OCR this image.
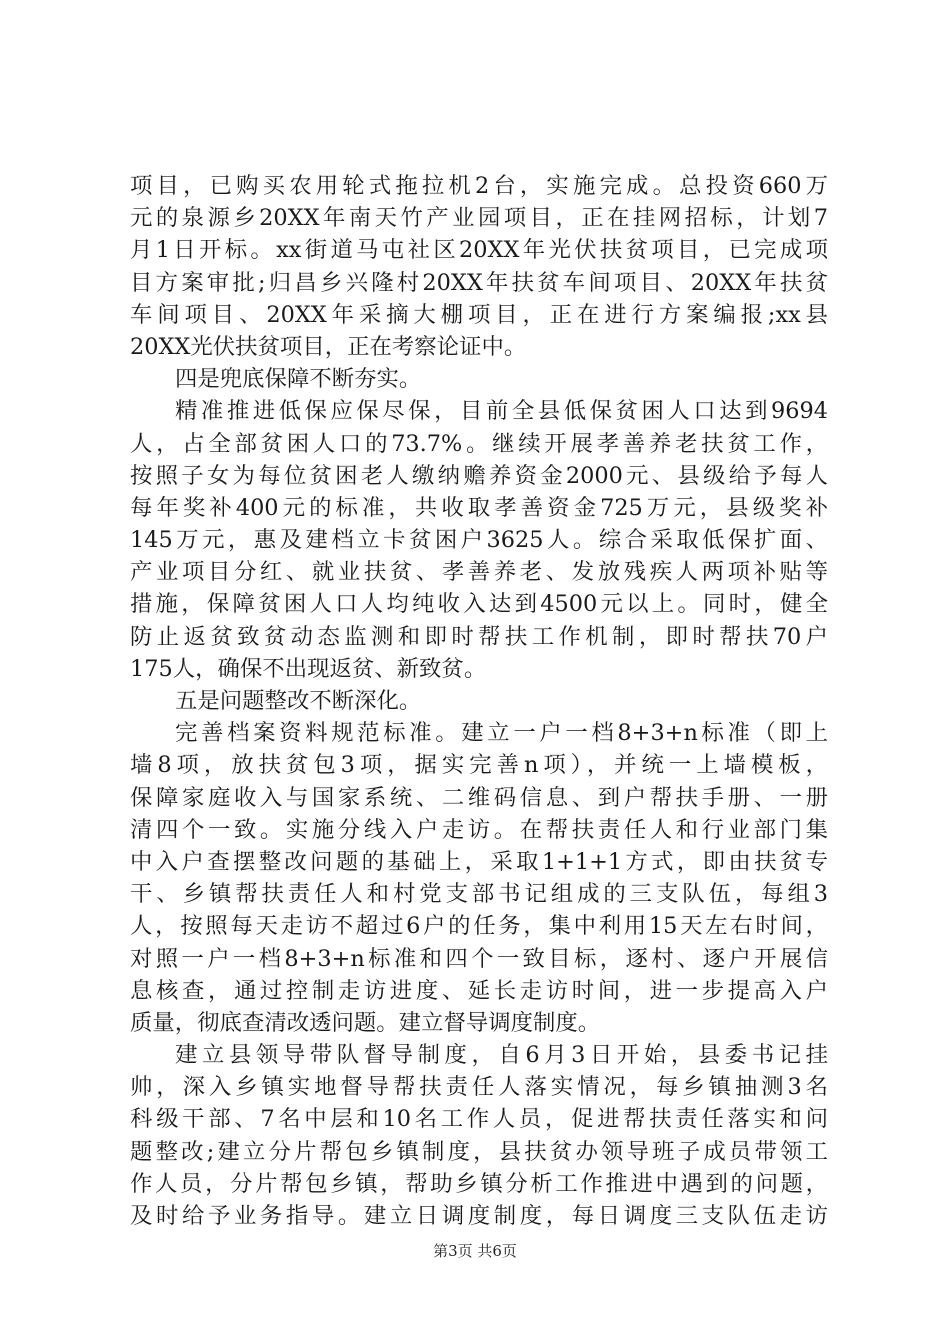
项目，已购买农用轮式拖拉机2台，实施完成。总投资660万
元的泉源乡20XX年南天竹产业园项目，正在挂网招标，计划7
月1日开标。xx街道马屯社区20XX年光伏扶贫项目，已完成项
目方案审批;归昌乡兴隆村20XX年扶贫车间项目、20XX年扶贫
车间项目、20XX年采摘大棚项目，正在进行方案编报;xx县
20XX光伏扶贫项目，正在考察论证中。
四是兜底保障不断夯实。
精准推进低保应保尽保，目前全县低保贫困人口达到9694
人，占全部贫困人口的73.7%。继续开展孝善养老扶贫工作，
按照子女为每位贫困老人缴纳赡养资金2000元、县级给予每人
每年奖补400元的标准，共收取孝善资金725万元，县级奖补
145万元，惠及建档立卡贫困户3625人。综合采取低保扩面、
产业项目分红、就业扶贫、孝善养老、发放残疾人两项补贴等
措施，保障贫困人口人均纯收入达到4500元以上。同时，健全
防止返贫致贫动态监测和即时帮扶工作机制，即时帮扶70户
175人，确保不出现返贫、新致贫。
五是问题整改不断深化。
完善档案资料规范标准。建立一户一档8+3+n标准（即上
墙8项，放扶贫包3项，据实完善n项），并统一上墙模板，
保障家庭收入与国家系统、二维码信息、到户帮扶手册、一册
清四个一致。实施分线入户走访。在帮扶责任人和行业部门集
中入户查摆整改问题的基础上，采取1+1+1方式，即由扶贫专
干、乡镇帮扶责任人和村党支部书记组成的三支队伍，每组3
人，按照每天走访不超过6户的任务，集中利用15天左右时间，
对照一户一档8+3+n标准和四个一致目标，逐村、逐户开展信
息核查，通过控制走访进度、延长走访时间，进一步提高入户
质量，彻底查清改透问题。建立督导调度制度。
建立县领导带队督导制度，自6月3日开始，县委书记挂
帅，深入乡镇实地督导帮扶责任人落实情况，每乡镇抽测3名
科级干部、7名中层和10名工作人员，促进帮扶责任落实和问
题整改;建立分片帮包乡镇制度，县扶贫办领导班子成员带领工
作人员，分片帮包乡镇，帮助乡镇分析工作推进中遇到的问题，
及时给予业务指导。建立日调度制度，每日调度三支队伍走访
第3页 共6页
